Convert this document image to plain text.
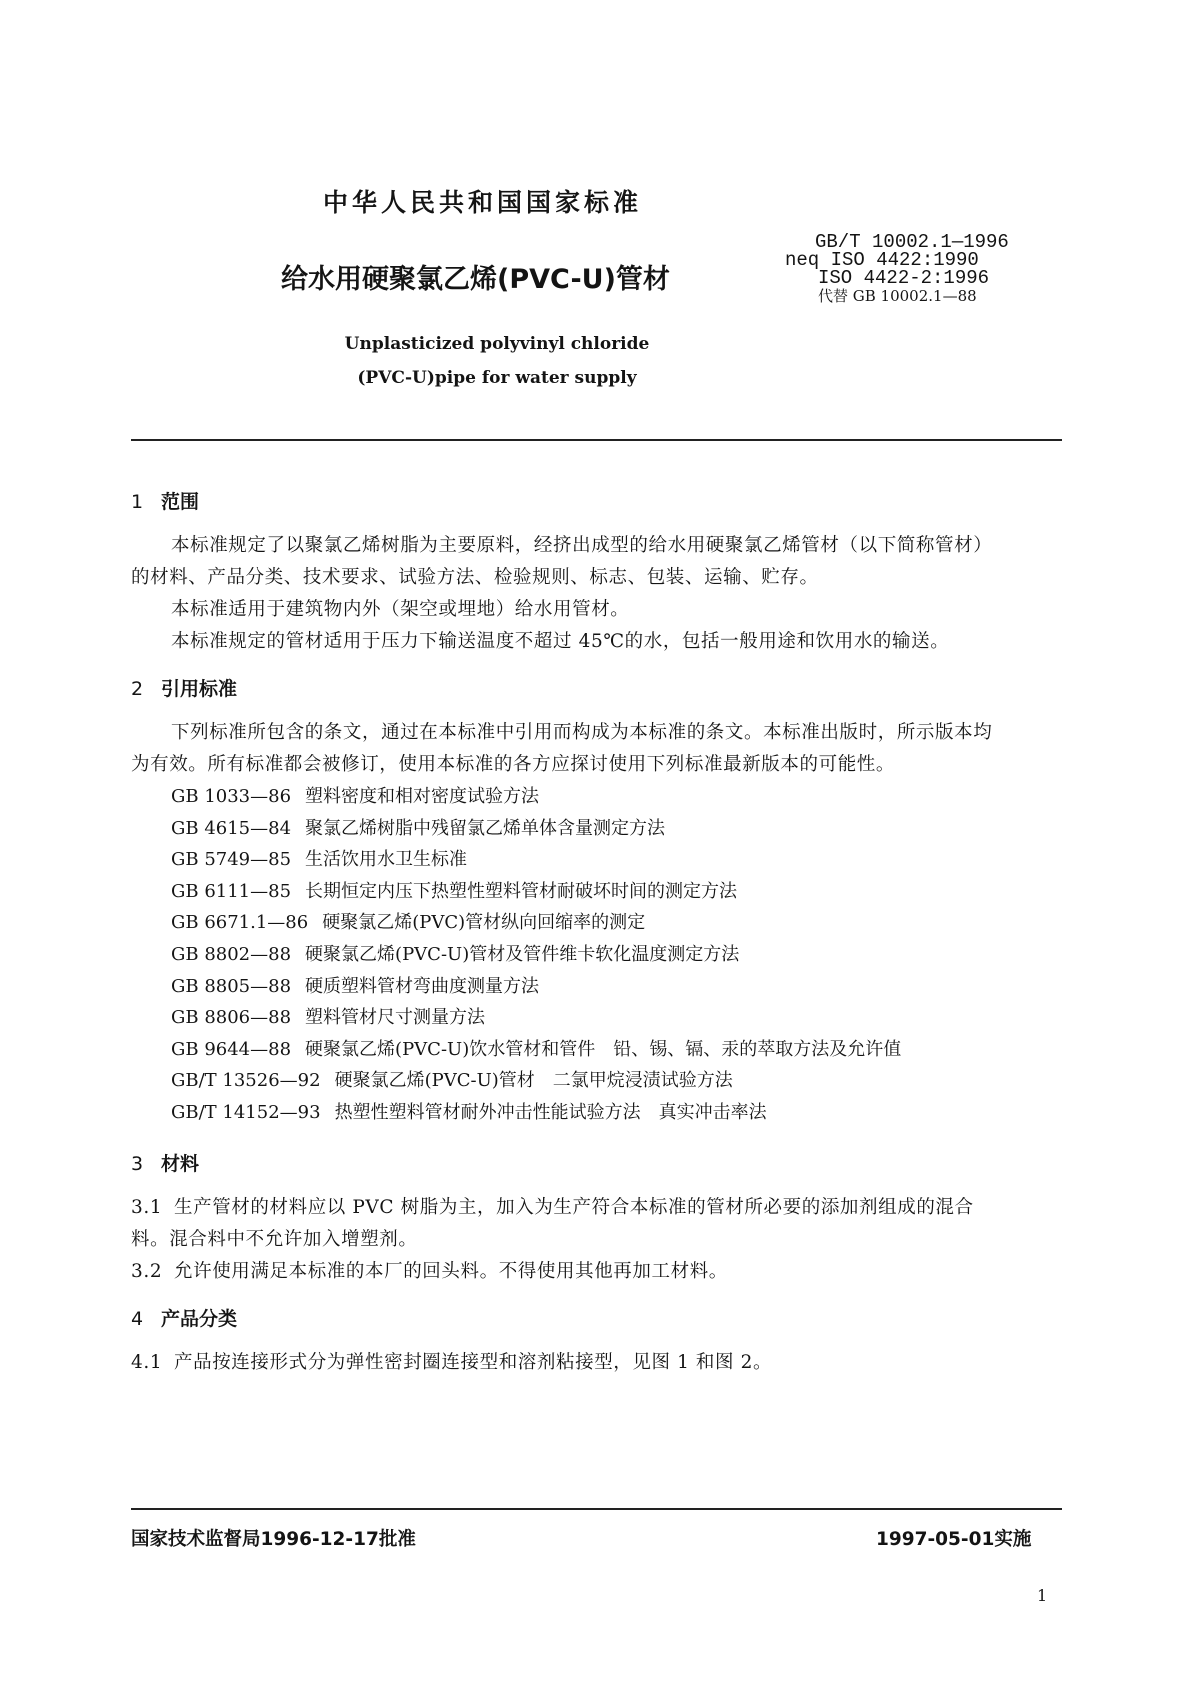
中华人民共和国国家标准
GB/T 10002.1—1996
neq ISO 4422:1990
ISO 4422-2:1996
代替 GB 10002.1—88
给水用硬聚氯乙烯(PVC-U)管材
Unplasticized polyvinyl chloride
(PVC-U)pipe for water supply
1 范围
本标准规定了以聚氯乙烯树脂为主要原料，经挤出成型的给水用硬聚氯乙烯管材（以下简称管材）
的材料、产品分类、技术要求、试验方法、检验规则、标志、包装、运输、贮存。
本标准适用于建筑物内外（架空或埋地）给水用管材。
本标准规定的管材适用于压力下输送温度不超过 45℃的水，包括一般用途和饮用水的输送。
2 引用标准
下列标准所包含的条文，通过在本标准中引用而构成为本标准的条文。本标准出版时，所示版本均
为有效。所有标准都会被修订，使用本标准的各方应探讨使用下列标准最新版本的可能性。
GB 1033—86 塑料密度和相对密度试验方法
GB 4615—84 聚氯乙烯树脂中残留氯乙烯单体含量测定方法
GB 5749—85 生活饮用水卫生标准
GB 6111—85 长期恒定内压下热塑性塑料管材耐破坏时间的测定方法
GB 6671.1—86 硬聚氯乙烯(PVC)管材纵向回缩率的测定
GB 8802—88 硬聚氯乙烯(PVC-U)管材及管件维卡软化温度测定方法
GB 8805—88 硬质塑料管材弯曲度测量方法
GB 8806—88 塑料管材尺寸测量方法
GB 9644—88 硬聚氯乙烯(PVC-U)饮水管材和管件　铅、锡、镉、汞的萃取方法及允许值
GB/T 13526—92 硬聚氯乙烯(PVC-U)管材　二氯甲烷浸渍试验方法
GB/T 14152—93 热塑性塑料管材耐外冲击性能试验方法　真实冲击率法
3 材料
3.1 生产管材的材料应以 PVC 树脂为主，加入为生产符合本标准的管材所必要的添加剂组成的混合
料。混合料中不允许加入增塑剂。
3.2 允许使用满足本标准的本厂的回头料。不得使用其他再加工材料。
4 产品分类
4.1 产品按连接形式分为弹性密封圈连接型和溶剂粘接型，见图 1 和图 2。
国家技术监督局1996-12-17批准	1997-05-01实施
1
